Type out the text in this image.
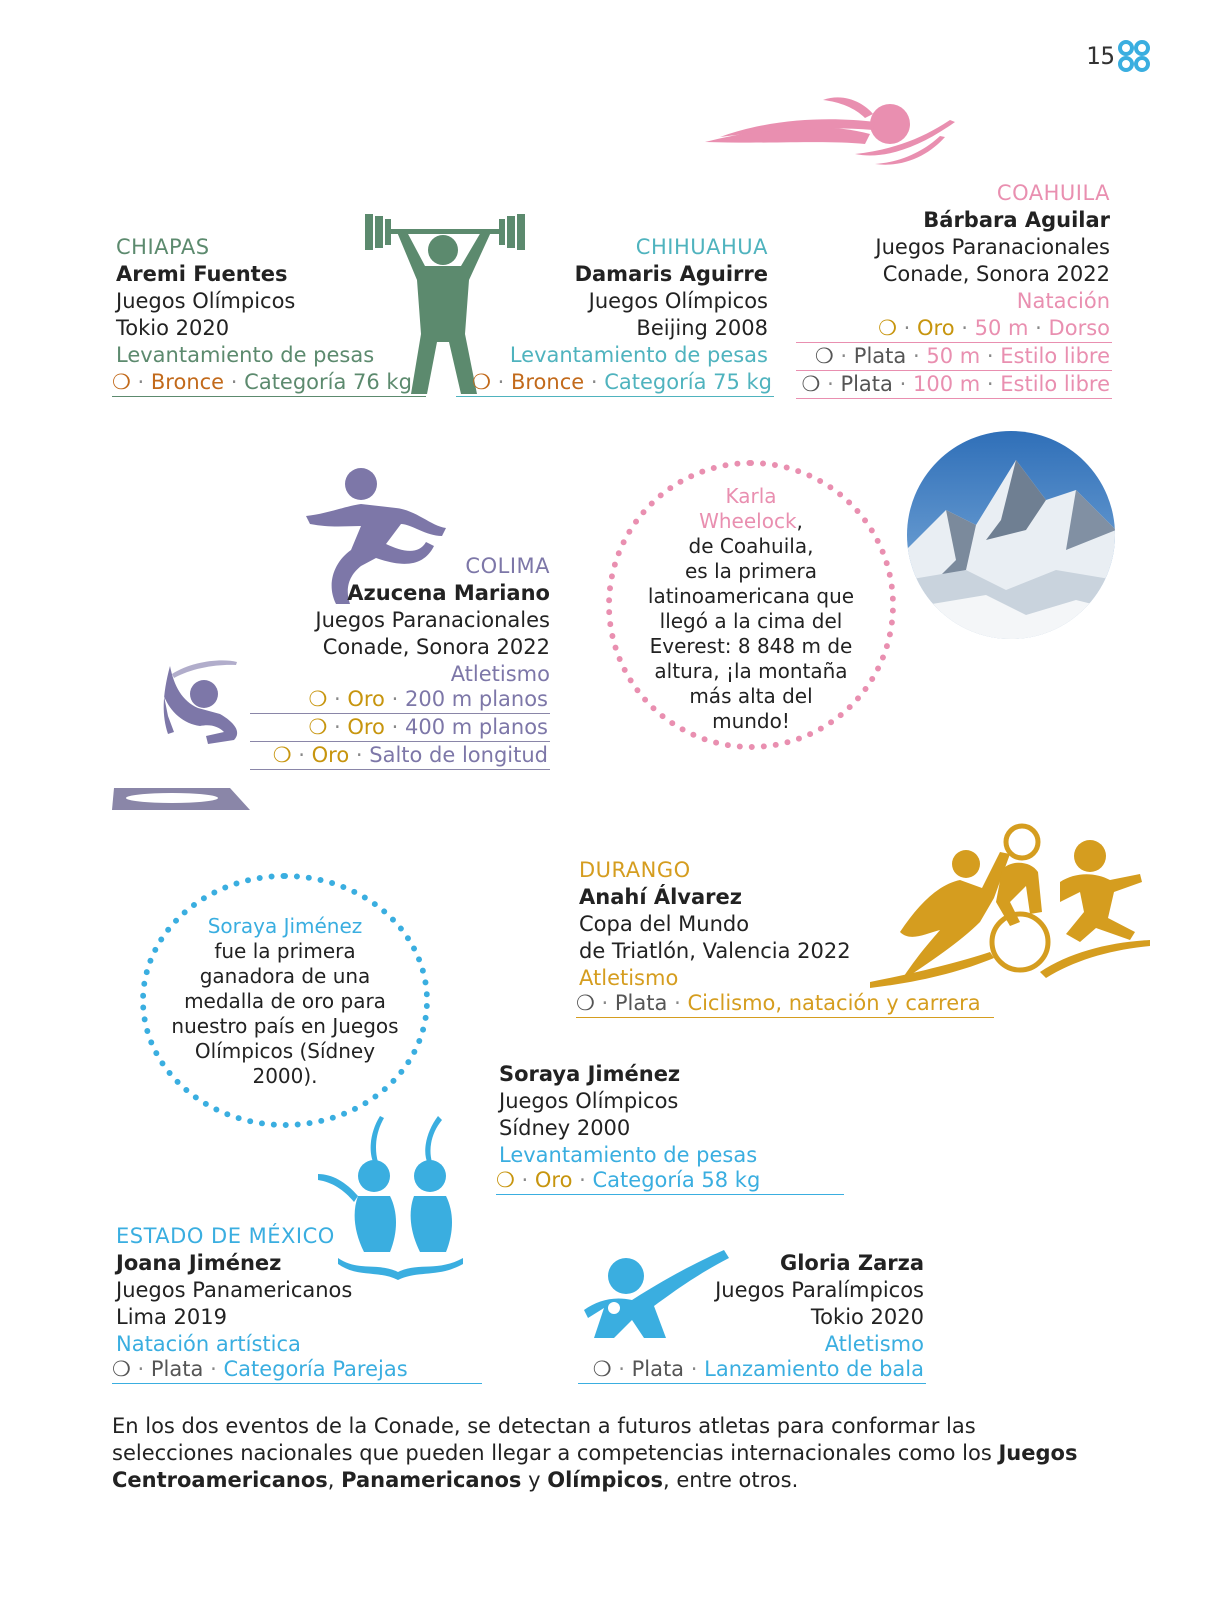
15
CHIAPAS
Aremi Fuentes
Juegos Olímpicos
Tokio 2020
Levantamiento de pesas
❍ · Bronce · Categoría 76 kg
CHIHUAHUA
Damaris Aguirre
Juegos Olímpicos
Beijing 2008
Levantamiento de pesas
❍ · Bronce · Categoría 75 kg
COAHUILA
Bárbara Aguilar
Juegos Paranacionales
Conade, Sonora 2022
Natación
❍ · Oro · 50 m · Dorso
❍ · Plata · 50 m · Estilo libre
❍ · Plata · 100 m · Estilo libre
COLIMA
Azucena Mariano
Juegos Paranacionales
Conade, Sonora 2022
Atletismo
❍ · Oro · 200 m planos
❍ · Oro · 400 m planos
❍ · Oro · Salto de longitud
Karla
Wheelock,
de Coahuila,
es la primera
latinoamericana que
llegó a la cima del
Everest: 8 848 m de
altura, ¡la montaña
más alta del
mundo!
DURANGO
Anahí Álvarez
Copa del Mundo
de Triatlón, Valencia 2022
Atletismo
❍ · Plata · Ciclismo, natación y carrera
Soraya Jiménez
fue la primera
ganadora de una
medalla de oro para
nuestro país en Juegos
Olímpicos (Sídney
2000).	Soraya Jiménez
Juegos Olímpicos
Sídney 2000
Levantamiento de pesas
❍ · Oro · Categoría 58 kg
ESTADO DE MÉXICO
Joana Jiménez
Juegos Panamericanos
Lima 2019
Natación artística
❍ · Plata · Categoría Parejas
Gloria Zarza
Juegos Paralímpicos
Tokio 2020
Atletismo
❍ · Plata · Lanzamiento de bala
En los dos eventos de la Conade, se detectan a futuros atletas para conformar las
selecciones nacionales que pueden llegar a competencias internacionales como los Juegos
Centroamericanos, Panamericanos y Olímpicos, entre otros.
